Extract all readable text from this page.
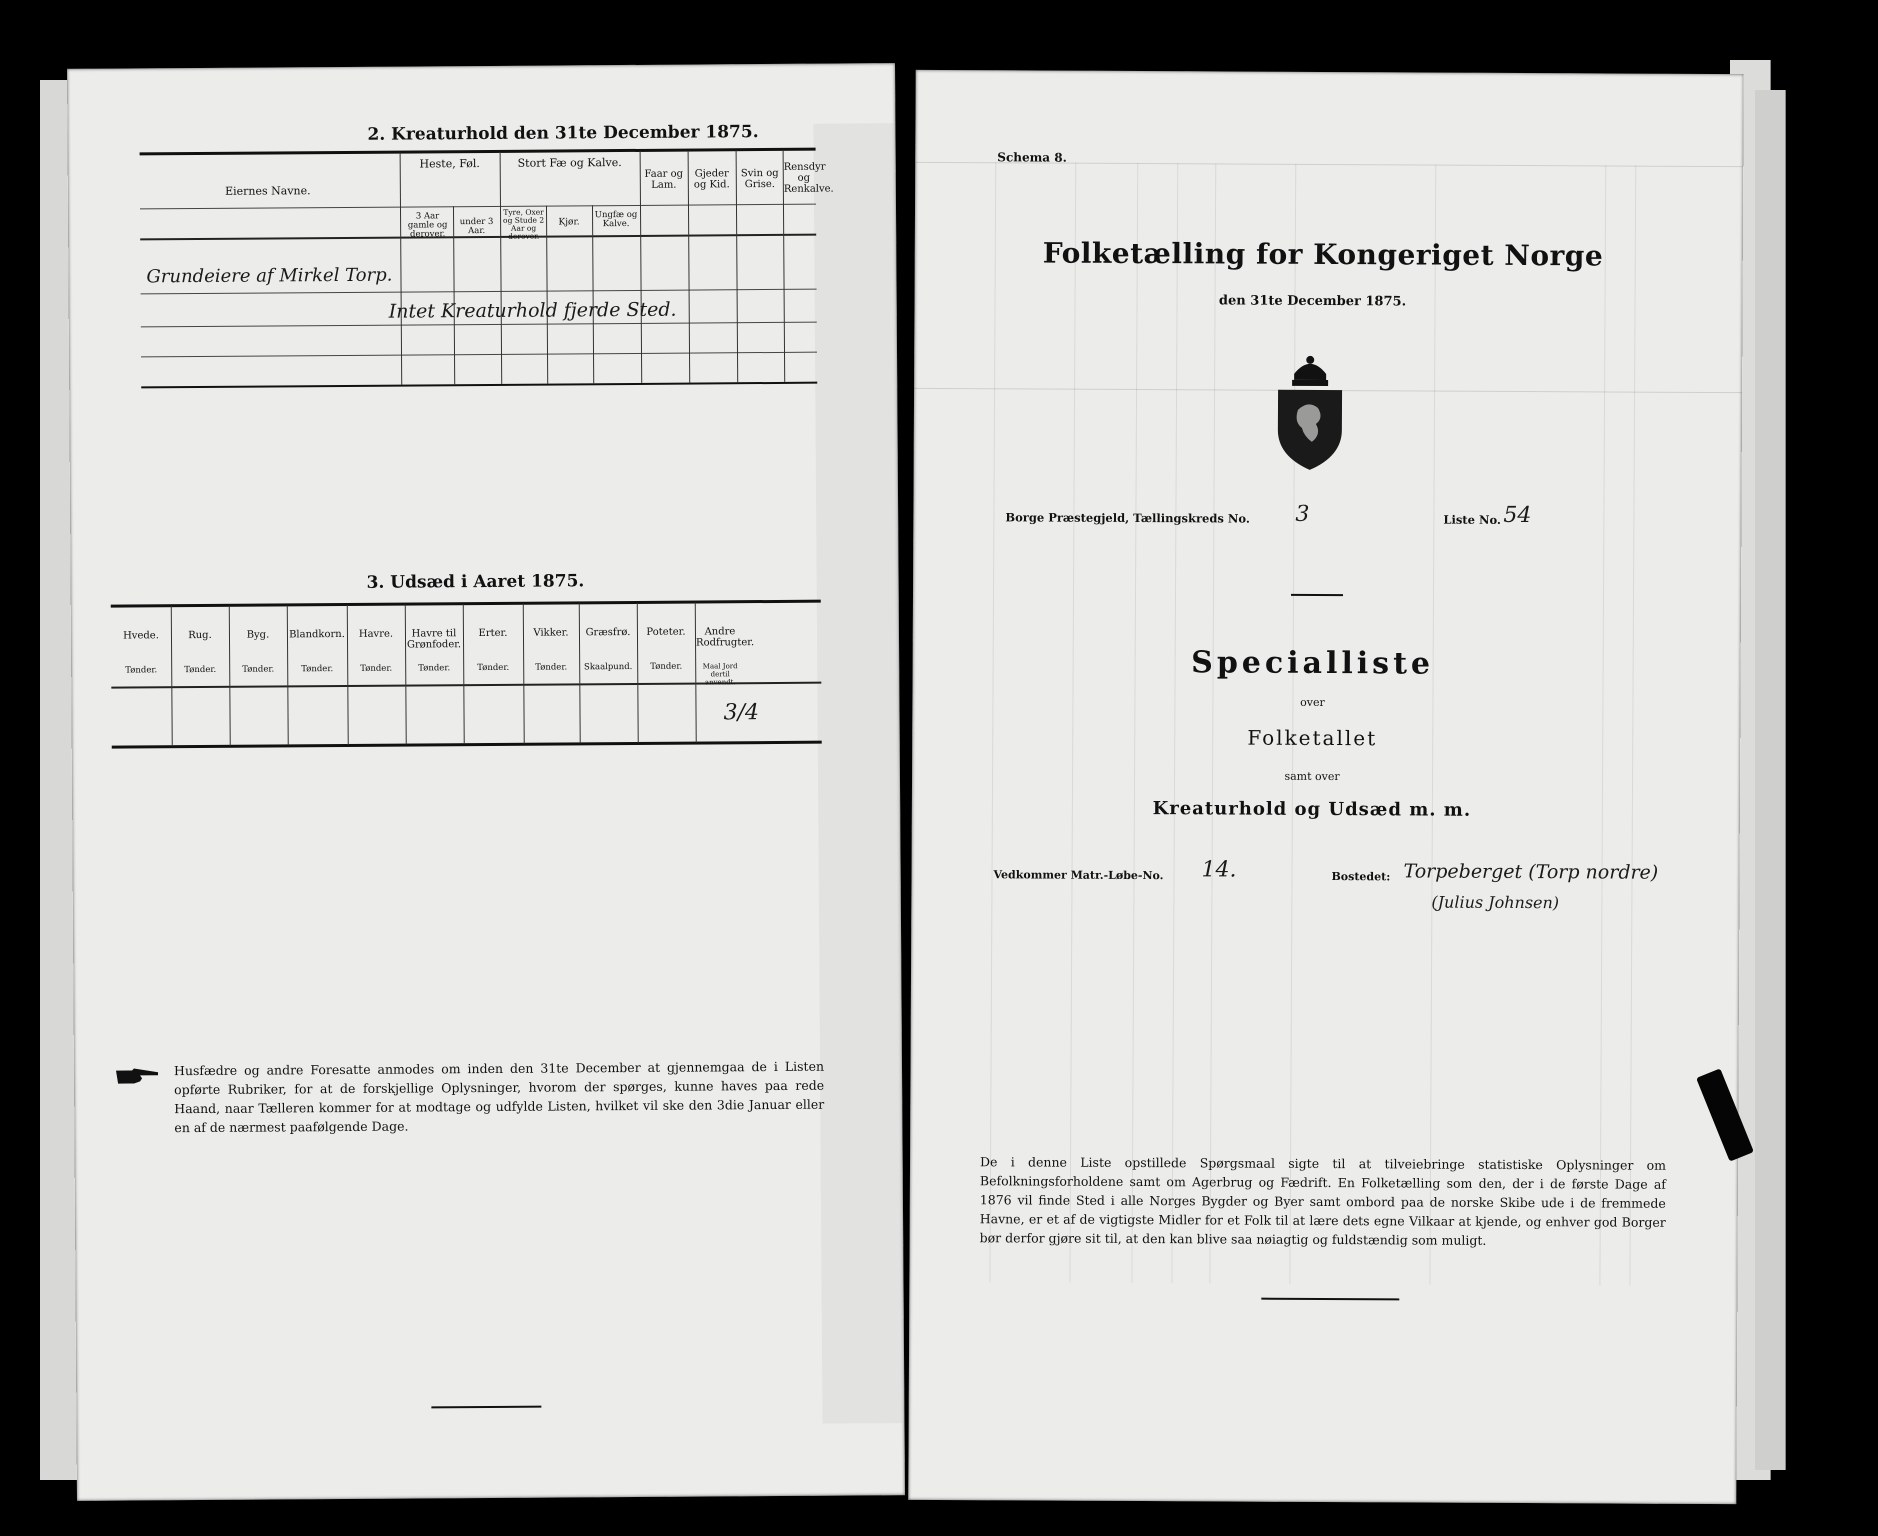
2. Kreaturhold den 31te December 1875.
Eiernes Navne.
Heste, Føl.
3 Aar gamle og derover.
under 3 Aar.
Stort Fæ og Kalve.
Tyre, Oxer og Stude 2 Aar og derover.
Kjør.
Ungfæ og Kalve.
Faar og Lam.
Gjeder og Kid.
Svin og Grise.
Rensdyr og Renkalve.
Grundeiere af Mirkel Torp.
Intet Kreaturhold fjerde Sted.
3. Udsæd i Aaret 1875.
Hvede.
Tønder.
Rug.
Tønder.
Byg.
Tønder.
Blandkorn.
Tønder.
Havre.
Tønder.
Havre til Grønfoder.
Tønder.
Erter.
Tønder.
Vikker.
Tønder.
Græsfrø.
Skaalpund.
Poteter.
Tønder.
Andre Rodfrugter.
Maal Jord dertil anvendt.
3/4
Husfædre og andre Foresatte anmodes om inden den 31te December at gjennemgaa de i Listen opførte Rubriker, for at de forskjellige Oplysninger, hvorom der spørges, kunne haves paa rede Haand, naar Tælleren kommer for at modtage og udfylde Listen, hvilket vil ske den 3die Januar eller en af de nærmest paafølgende Dage.
Schema 8.
Folketælling for Kongeriget Norge
den 31te December 1875.
Borge Præstegjeld, Tællingskreds No. 3	Liste No. 54
Specialliste
over
Folketallet
samt over
Kreaturhold og Udsæd m. m.
Vedkommer Matr.-Løbe-No. 14.	Bostedet: Torpeberget (Torp nordre)
(Julius Johnsen)
De i denne Liste opstillede Spørgsmaal sigte til at tilveiebringe statistiske Oplysninger om Befolkningsforholdene samt om Agerbrug og Fædrift. En Folketælling som den, der i de første Dage af 1876 vil finde Sted i alle Norges Bygder og Byer samt ombord paa de norske Skibe ude i de fremmede Havne, er et af de vigtigste Midler for et Folk til at lære dets egne Vilkaar at kjende, og enhver god Borger bør derfor gjøre sit til, at den kan blive saa nøiagtig og fuldstændig som muligt.
